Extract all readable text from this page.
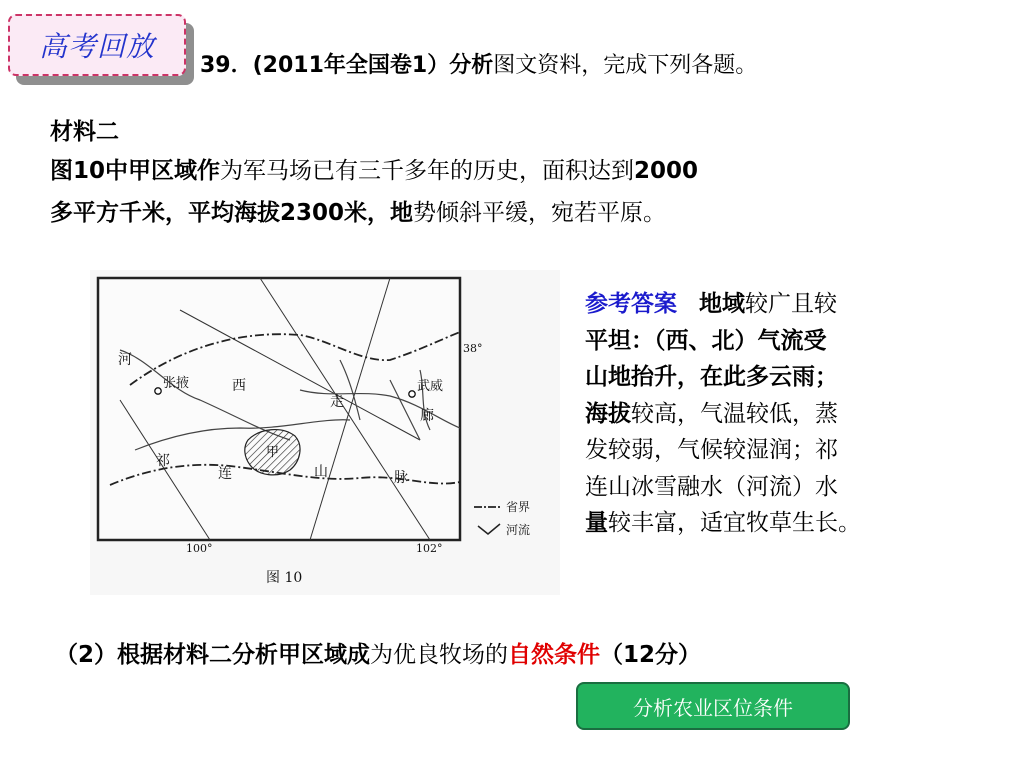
高考回放
39．(2011年全国卷1）分析图文资料，完成下列各题。
材料二
图10中甲区域作为军马场已有三千多年的历史，面积达到2000
多平方千米，平均海拔2300米，地势倾斜平缓，宛若平原。
张掖	武威
甲
河
西
走
廊
祁
连	山	脉
38°
100°	102°
省界
河流
图 10
参考答案 地域较广且较
平坦：（西、北）气流受
山地抬升，在此多云雨；
海拔较高，气温较低，蒸
发较弱，气候较湿润；祁
连山冰雪融水（河流）水
量较丰富，适宜牧草生长。
（2）根据材料二分析甲区域成为优良牧场的自然条件（12分）
分析农业区位条件
